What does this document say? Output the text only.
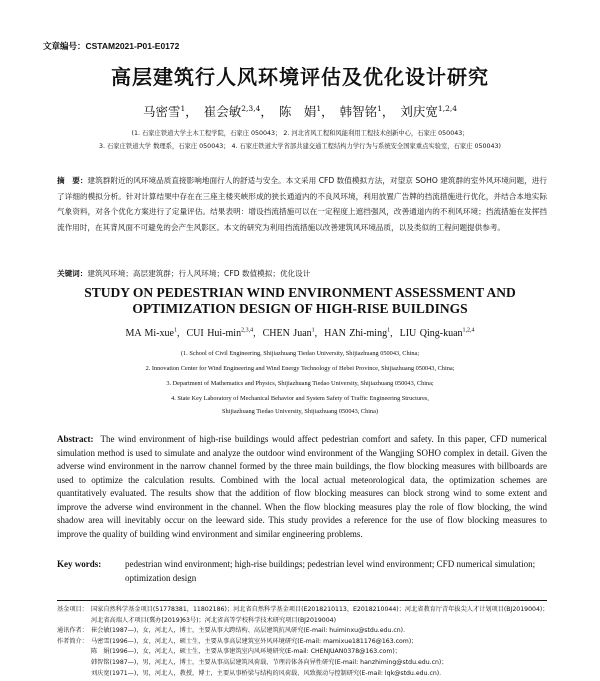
文章编号：CSTAM2021-P01-E0172
高层建筑行人风环境评估及优化设计研究
马密雪$^1$， 崔会敏$^{2,3,4}$， 陈　娟$^1$， 韩智铭$^1$， 刘庆宽$^{1,2,4}$
(1. 石家庄铁道大学土木工程学院，石家庄 050043； 2. 河北省风工程和风能利用工程技术创新中心，石家庄 050043；
3. 石家庄铁道大学 数理系，石家庄 050043； 4. 石家庄铁道大学省部共建交通工程结构力学行为与系统安全国家重点实验室，石家庄 050043)
摘　要：建筑群附近的风环境品质直接影响地面行人的舒适与安全。本文采用 CFD 数值模拟方法，对望京 SOHO 建筑群的室外风环境问题，进行了详细的模拟分析。针对计算结果中存在在三座主楼夹峡形成的狭长通道内的不良风环境，利用放置广告牌的挡流措施进行优化，并结合本地实际气象资料，对各个优化方案进行了定量评估。结果表明：增设挡流措施可以在一定程度上遮挡强风，改善通道内的不利风环境；挡流措施在发挥挡流作用时，在其背风面不可避免的会产生风影区。本文的研究为利用挡流措施以改善建筑风环境品质，以及类似的工程问题提供参考。
关键词：建筑风环境；高层建筑群；行人风环境；CFD 数值模拟；优化设计
STUDY ON PEDESTRIAN WIND ENVIRONMENT ASSESSMENT AND
OPTIMIZATION DESIGN OF HIGH-RISE BUILDINGS
MA Mi-xue$^1$,  CUI Hui-$\min^{2,3,4}$,  CHEN Juan$^1$,  HAN Zhi-ming$^1$,  LIU Qing-kuan$^{1,2,4}$
(1. School of Civil Engineering, Shijiazhuang Tiedao University, Shijiazhuang 050043, China;
2. Innovation Center for Wind Engineering and Wind Energy Technology of Hebei Province, Shijiazhuang 050043, China;
3. Department of Mathematics and Physics, Shijiazhuang Tiedao University, Shijiazhuang 050043, China;
4. State Key Laboratory of Mechanical Behavior and System Safety of Traffic Engineering Structures,
Shijiazhuang Tiedao University, Shijiazhuang 050043, China)
Abstract: The wind environment of high-rise buildings would affect pedestrian comfort and safety. In this paper, CFD numerical simulation method is used to simulate and analyze the outdoor wind environment of the Wangjing SOHO complex in detail. Given the adverse wind environment in the narrow channel formed by the three main buildings, the flow blocking measures with billboards are used to optimize the calculation results. Combined with the local actual meteorological data, the optimization schemes are quantitatively evaluated. The results show that the addition of flow blocking measures can block strong wind to some extent and improve the adverse wind environment in the channel. When the flow blocking measures play the role of flow blocking, the wind shadow area will inevitably occur on the leeward side. This study provides a reference for the use of flow blocking measures to improve the quality of building wind environment and similar engineering problems.
Key words:	pedestrian wind environment; high-rise buildings; pedestrian level wind environment; CFD numerical simulation; optimization design
基金项目： 国家自然科学基金项目(51778381，11802186)；河北省自然科学基金项目(E2018210113，E2018210044)；河北省教育厅青年拔尖人才计划项目(BJ2019004)；河北省高端人才项目(冀办[2019]63号)；河北省高等学校科学技术研究项目(BJ2019004)
通讯作者： 崔会敏(1987—)，女，河北人，博士，主要从事大跨结构、高层建筑抗风研究(E-mail: huiminxu@stdu.edu.cn).
作者简介： 马密雪(1996—)，女，河北人，硕士生，主要从事高层建筑室外风环境研究(E-mail: mamixue181176@163.com)；
陈　娟(1996—)，女，河北人，硕士生，主要从事建筑室内风环境研究(E-mail: CHENJUAN0378@163.com)；
韩智铭(1987—)，男，河北人，博士，主要从事高层建筑风荷载、节理岩体各向异性研究(E-mail: hanzhiming@stdu.edu.cn)；
刘庆宽(1971—)，男，河北人，教授，博士，主要从事桥梁与结构的风荷载、风致振动与控制研究(E-mail: lqk@stdu.edu.cn).
